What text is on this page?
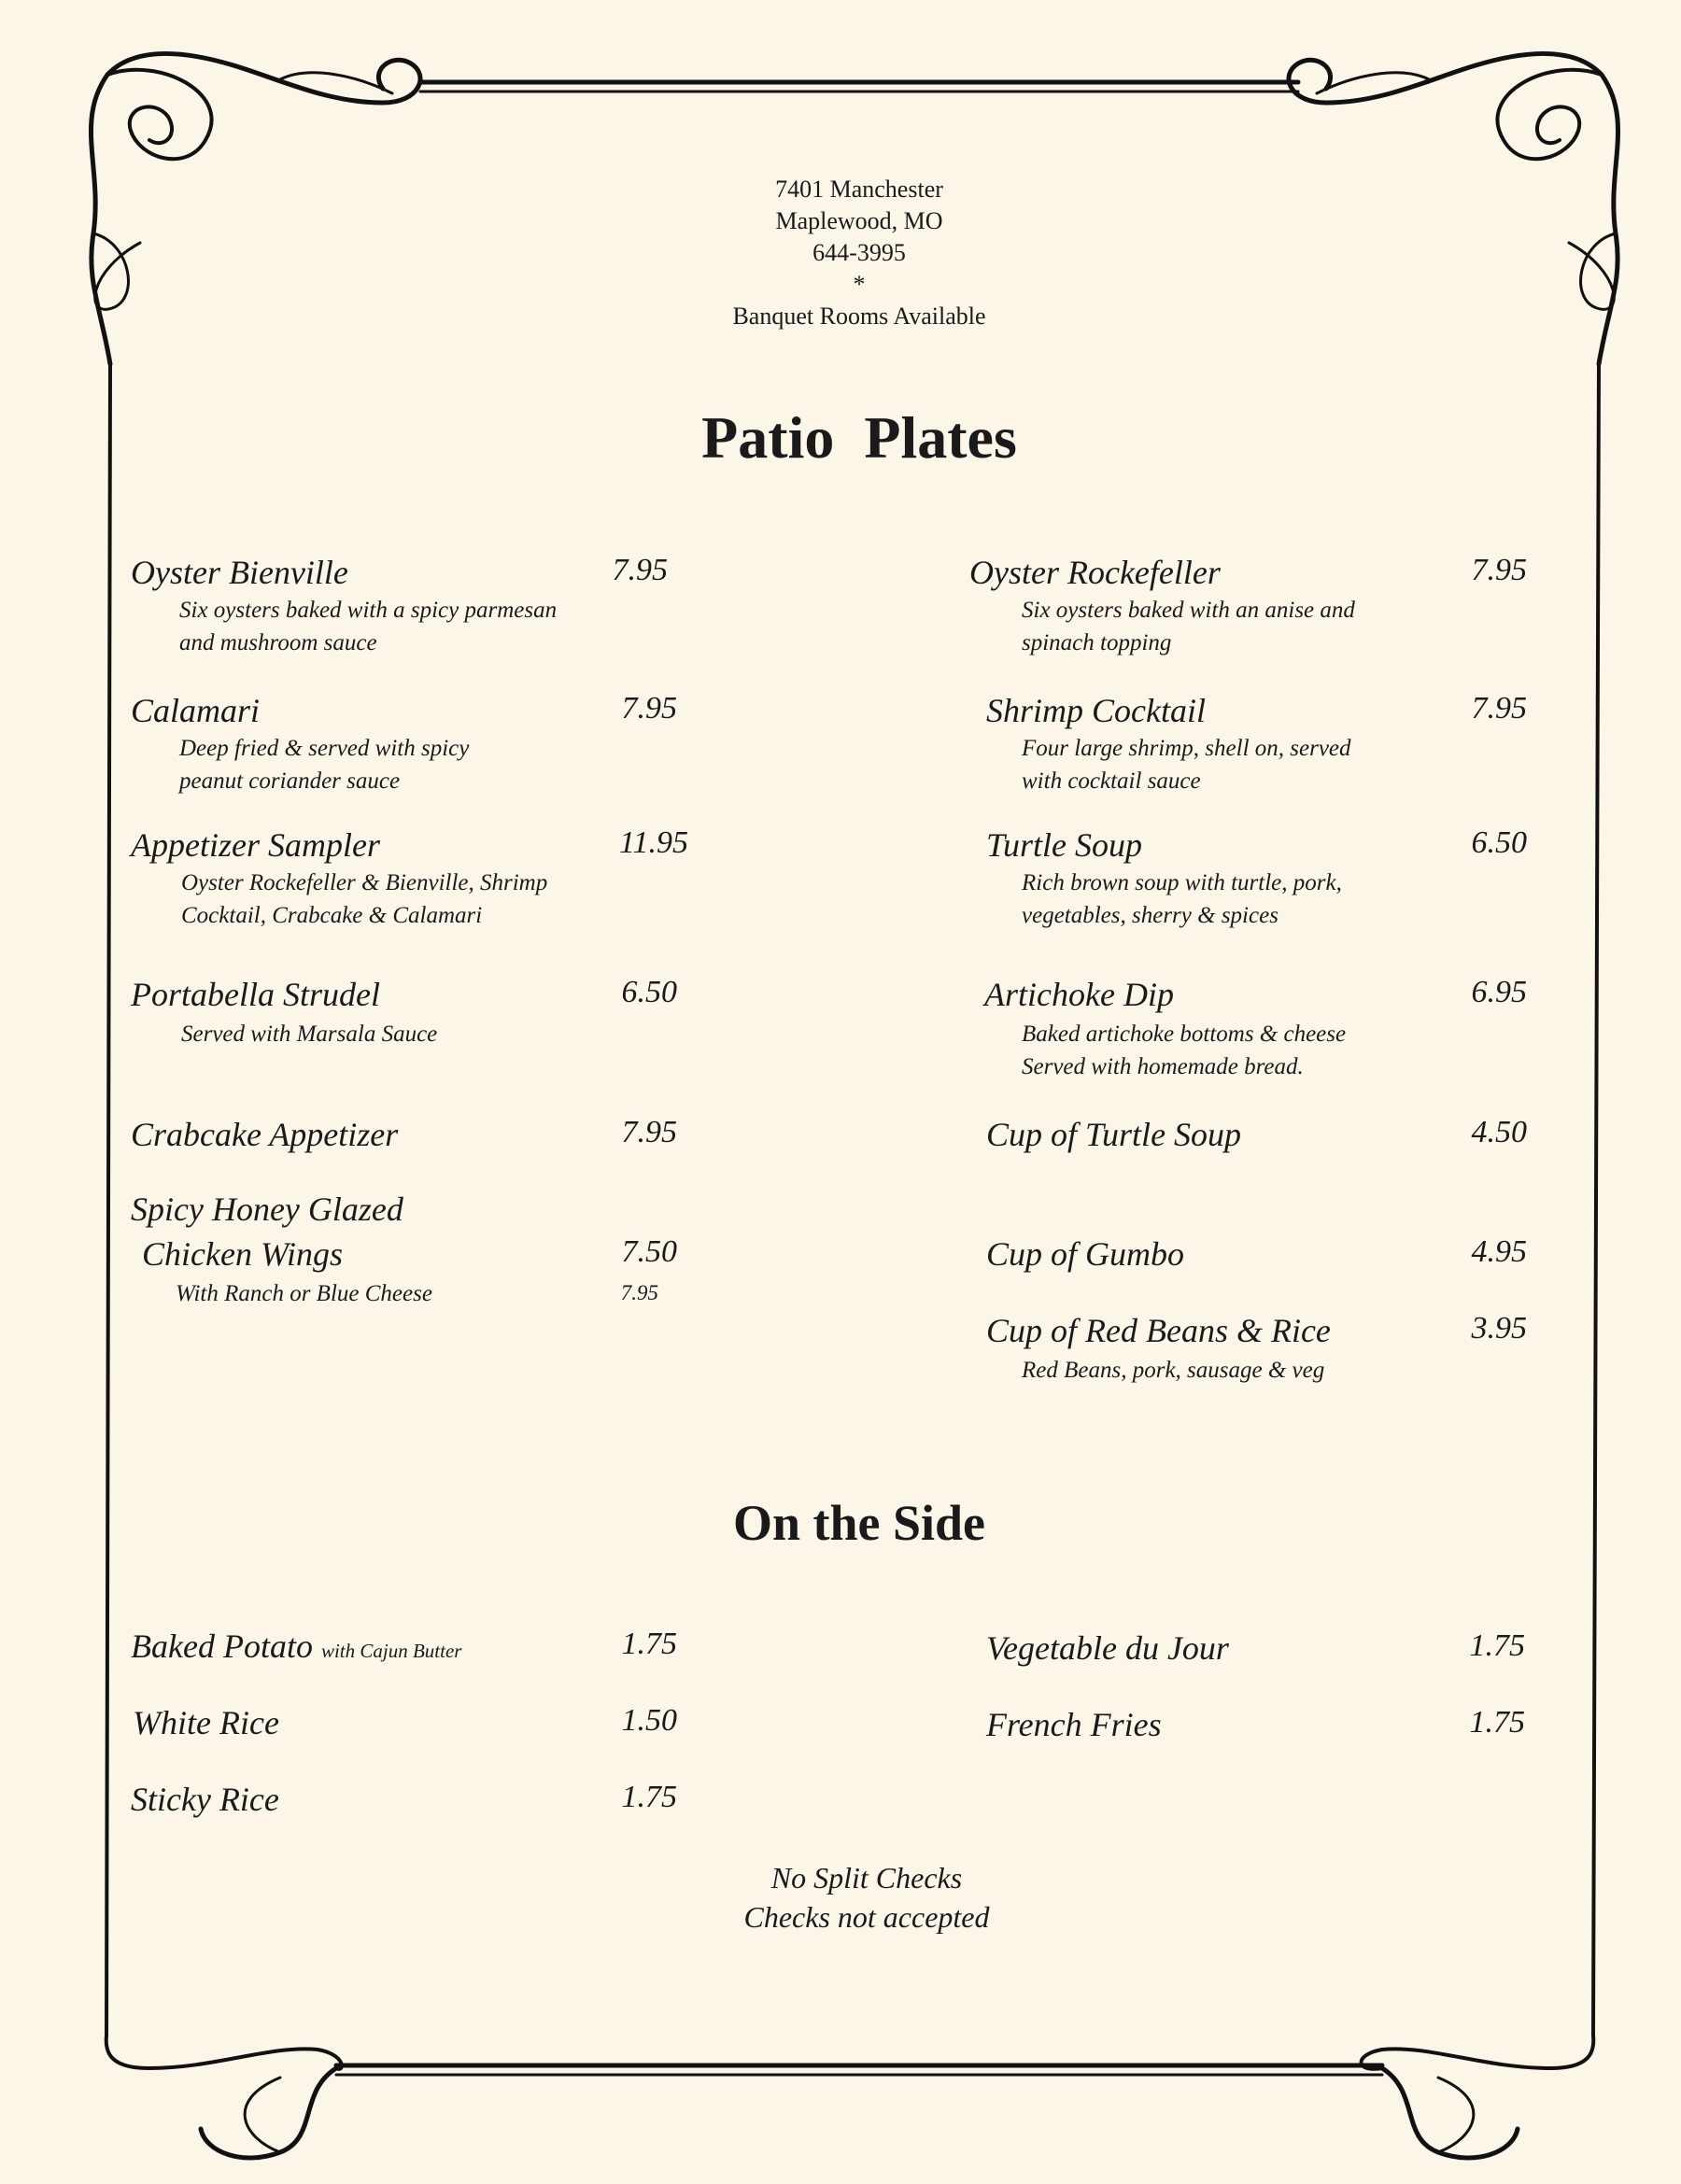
7401 Manchester
Maplewood, MO
644-3995
*
Banquet Rooms Available
Patio  Plates
Oyster Bienville	7.95
Six oysters baked with a spicy parmesan
and mushroom sauce
Calamari	7.95
Deep fried & served with spicy
peanut coriander sauce
Appetizer Sampler	11.95
Oyster Rockefeller & Bienville, Shrimp
Cocktail, Crabcake & Calamari
Portabella Strudel	6.50
Served with Marsala Sauce
Crabcake Appetizer	7.95
Spicy Honey Glazed
Chicken Wings	7.50
With Ranch or Blue Cheese	7.95
Oyster Rockefeller	7.95
Six oysters baked with an anise and
spinach topping
Shrimp Cocktail	7.95
Four large shrimp, shell on, served
with cocktail sauce
Turtle Soup	6.50
Rich brown soup with turtle, pork,
vegetables, sherry & spices
Artichoke Dip	6.95
Baked artichoke bottoms & cheese
Served with homemade bread.
Cup of Turtle Soup	4.50
Cup of Gumbo	4.95
Cup of Red Beans & Rice	3.95
Red Beans, pork, sausage & veg
On the Side
Baked Potato with Cajun Butter	1.75
White Rice	1.50
Sticky Rice	1.75
Vegetable du Jour	1.75
French Fries	1.75
No Split Checks
Checks not accepted
